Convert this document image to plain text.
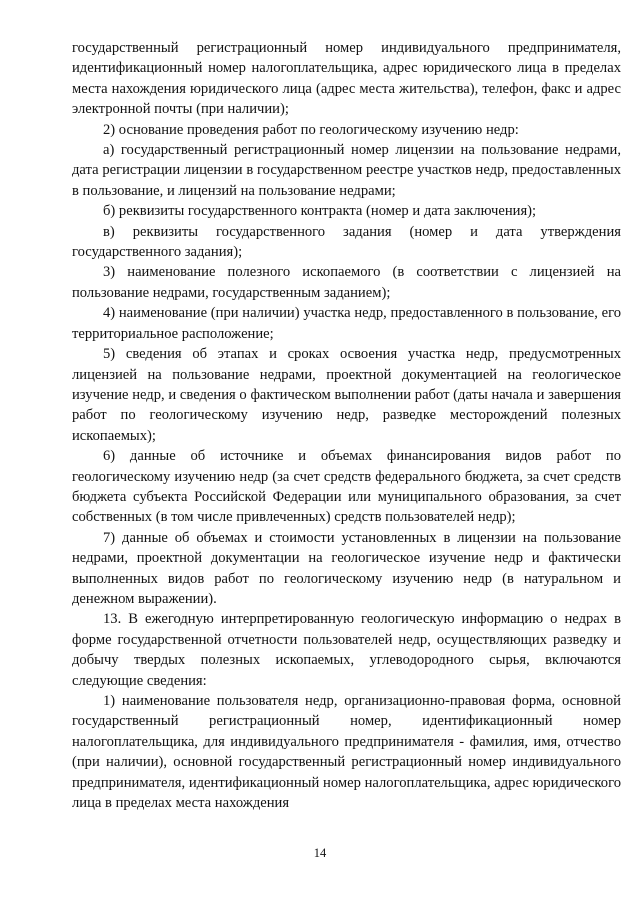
государственный регистрационный номер индивидуального предпринимателя, идентификационный номер налогоплательщика, адрес юридического лица в пределах места нахождения юридического лица (адрес места жительства), телефон, факс и адрес электронной почты (при наличии);

2) основание проведения работ по геологическому изучению недр:

а) государственный регистрационный номер лицензии на пользование недрами, дата регистрации лицензии в государственном реестре участков недр, предоставленных в пользование, и лицензий на пользование недрами;

б) реквизиты государственного контракта (номер и дата заключения);

в) реквизиты государственного задания (номер и дата утверждения государственного задания);

3) наименование полезного ископаемого (в соответствии с лицензией на пользование недрами, государственным заданием);

4) наименование (при наличии) участка недр, предоставленного в пользование, его территориальное расположение;

5) сведения об этапах и сроках освоения участка недр, предусмотренных лицензией на пользование недрами, проектной документацией на геологическое изучение недр, и сведения о фактическом выполнении работ (даты начала и завершения работ по геологическому изучению недр, разведке месторождений полезных ископаемых);

6) данные об источнике и объемах финансирования видов работ по геологическому изучению недр (за счет средств федерального бюджета, за счет средств бюджета субъекта Российской Федерации или муниципального образования, за счет собственных (в том числе привлеченных) средств пользователей недр);

7) данные об объемах и стоимости установленных в лицензии на пользование недрами, проектной документации на геологическое изучение недр и фактически выполненных видов работ по геологическому изучению недр (в натуральном и денежном выражении).

13. В ежегодную интерпретированную геологическую информацию о недрах в форме государственной отчетности пользователей недр, осуществляющих разведку и добычу твердых полезных ископаемых, углеводородного сырья, включаются следующие сведения:

1) наименование пользователя недр, организационно-правовая форма, основной государственный регистрационный номер, идентификационный номер налогоплательщика, для индивидуального предпринимателя - фамилия, имя, отчество (при наличии), основной государственный регистрационный номер индивидуального предпринимателя, идентификационный номер налогоплательщика, адрес юридического лица в пределах места нахождения

14
